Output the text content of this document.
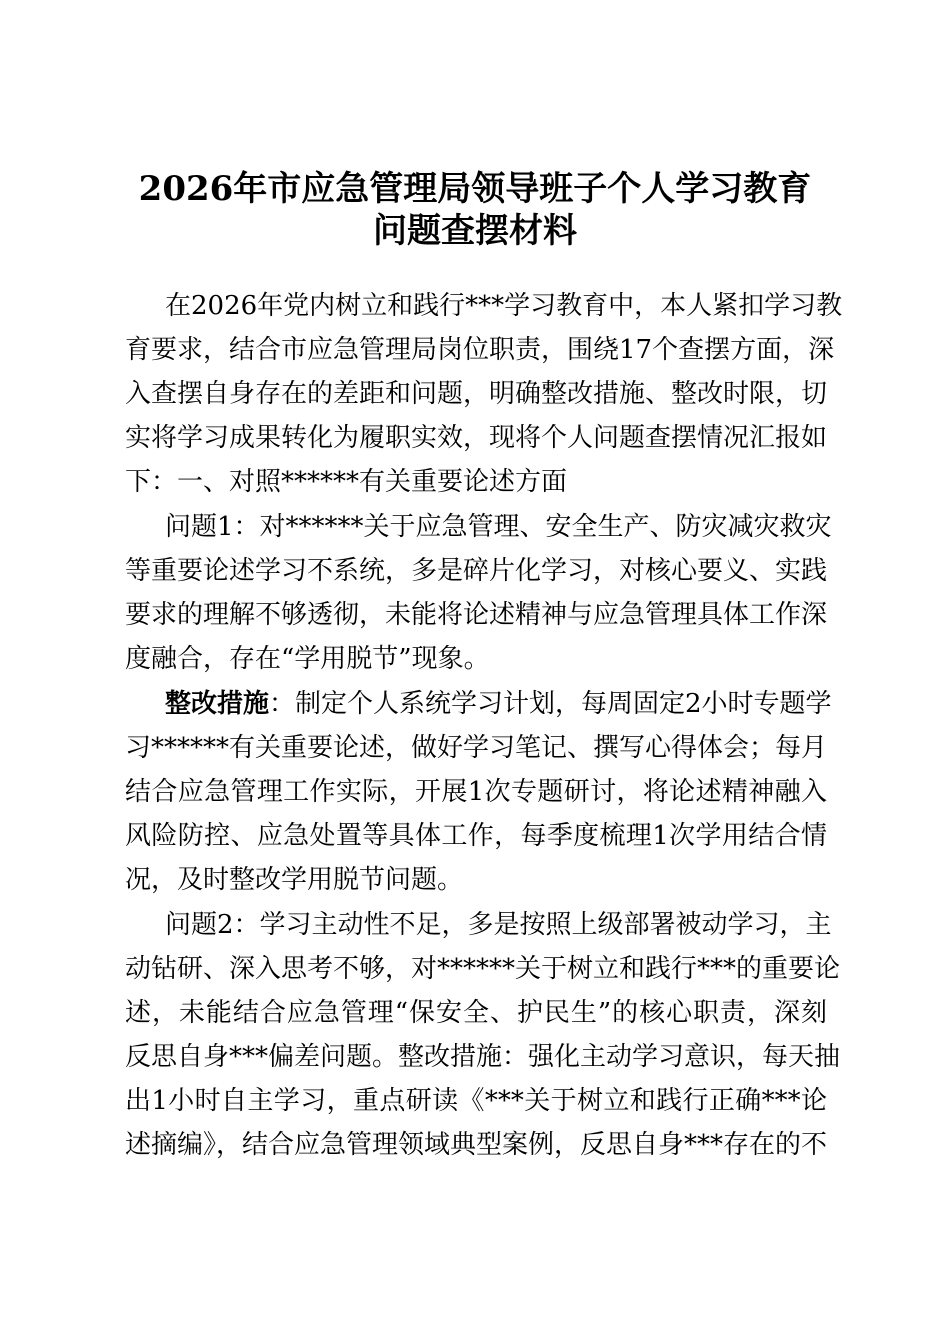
2026年市应急管理局领导班子个人学习教育
问题查摆材料
在2026年党内树立和践行***学习教育中，本人紧扣学习教
育要求，结合市应急管理局岗位职责，围绕17个查摆方面，深
入查摆自身存在的差距和问题，明确整改措施、整改时限，切
实将学习成果转化为履职实效，现将个人问题查摆情况汇报如
下：一、对照******有关重要论述方面
问题1：对******关于应急管理、安全生产、防灾减灾救灾
等重要论述学习不系统，多是碎片化学习，对核心要义、实践
要求的理解不够透彻，未能将论述精神与应急管理具体工作深
度融合，存在“学用脱节”现象。
整改措施：制定个人系统学习计划，每周固定2小时专题学
习******有关重要论述，做好学习笔记、撰写心得体会；每月
结合应急管理工作实际，开展1次专题研讨，将论述精神融入
风险防控、应急处置等具体工作，每季度梳理1次学用结合情
况，及时整改学用脱节问题。
问题2：学习主动性不足，多是按照上级部署被动学习，主
动钻研、深入思考不够，对******关于树立和践行***的重要论
述，未能结合应急管理“保安全、护民生”的核心职责，深刻
反思自身***偏差问题。整改措施：强化主动学习意识，每天抽
出1小时自主学习，重点研读《***关于树立和践行正确***论
述摘编》，结合应急管理领域典型案例，反思自身***存在的不
